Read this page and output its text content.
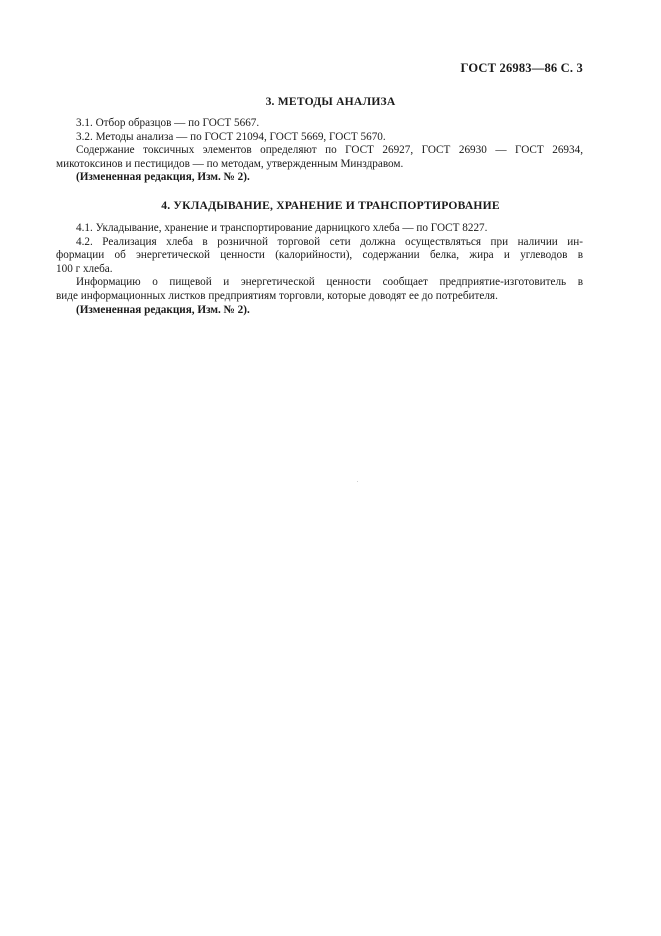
ГОСТ 26983—86 С. 3
3. МЕТОДЫ АНАЛИЗА
3.1. Отбор образцов — по ГОСТ 5667.
3.2. Методы анализа — по ГОСТ 21094, ГОСТ 5669, ГОСТ 5670.
Содержание токсичных элементов определяют по ГОСТ 26927, ГОСТ 26930 — ГОСТ 26934,
микотоксинов и пестицидов — по методам, утвержденным Минздравом.
(Измененная редакция, Изм. № 2).
4. УКЛАДЫВАНИЕ, ХРАНЕНИЕ И ТРАНСПОРТИРОВАНИЕ
4.1. Укладывание, хранение и транспортирование дарницкого хлеба — по ГОСТ 8227.
4.2. Реализация хлеба в розничной торговой сети должна осуществляться при наличии ин-
формации об энергетической ценности (калорийности), содержании белка, жира и углеводов в
100 г хлеба.
Информацию о пищевой и энергетической ценности сообщает предприятие-изготовитель в
виде информационных листков предприятиям торговли, которые доводят ее до потребителя.
(Измененная редакция, Изм. № 2).
